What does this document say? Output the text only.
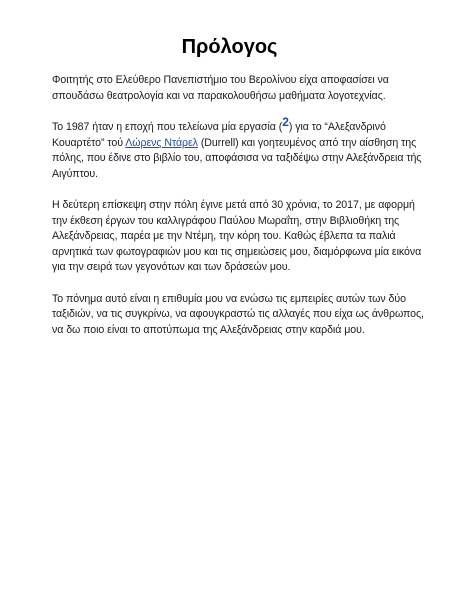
Πρόλογος

Φοιτητής στο Ελεύθερο Πανεπιστήμιο του Βερολίνου είχα αποφασίσει να σπουδάσω θεατρολογία και να παρακολουθήσω μαθήματα λογοτεχνίας.

Το 1987 ήταν η εποχή που τελείωνα μία εργασία (2) για το “Αλεξανδρινό Κουαρτέτο” τού Λώρενς Ντάρελ (Durrell) και γοητευμένος από την αίσθηση της πόλης, που έδινε στο βιβλίο του, αποφάσισα να ταξιδέψω στην Αλεξάνδρεια τής Αιγύπτου.

Η δεύτερη επίσκεψη στην πόλη έγινε μετά από 30 χρόνια, το 2017, με αφορμή την έκθεση έργων του καλλιγράφου Παύλου Μωραΐτη, στην Βιβλιοθήκη της Αλεξάνδρειας, παρέα με την Ντέμη, την κόρη του. Καθώς έβλεπα τα παλιά αρνητικά των φωτογραφιών μου και τις σημειώσεις μου, διαμόρφωνα μία εικόνα για την σειρά των γεγονότων και των δράσεών μου.

Το πόνημα αυτό είναι η επιθυμία μου να ενώσω τις εμπειρίες αυτών των δύο ταξιδιών, να τις συγκρίνω, να αφουγκραστώ τις αλλαγές που είχα ως άνθρωπος, να δω ποιο είναι το αποτύπωμα της Αλεξάνδρειας στην καρδιά μου.
